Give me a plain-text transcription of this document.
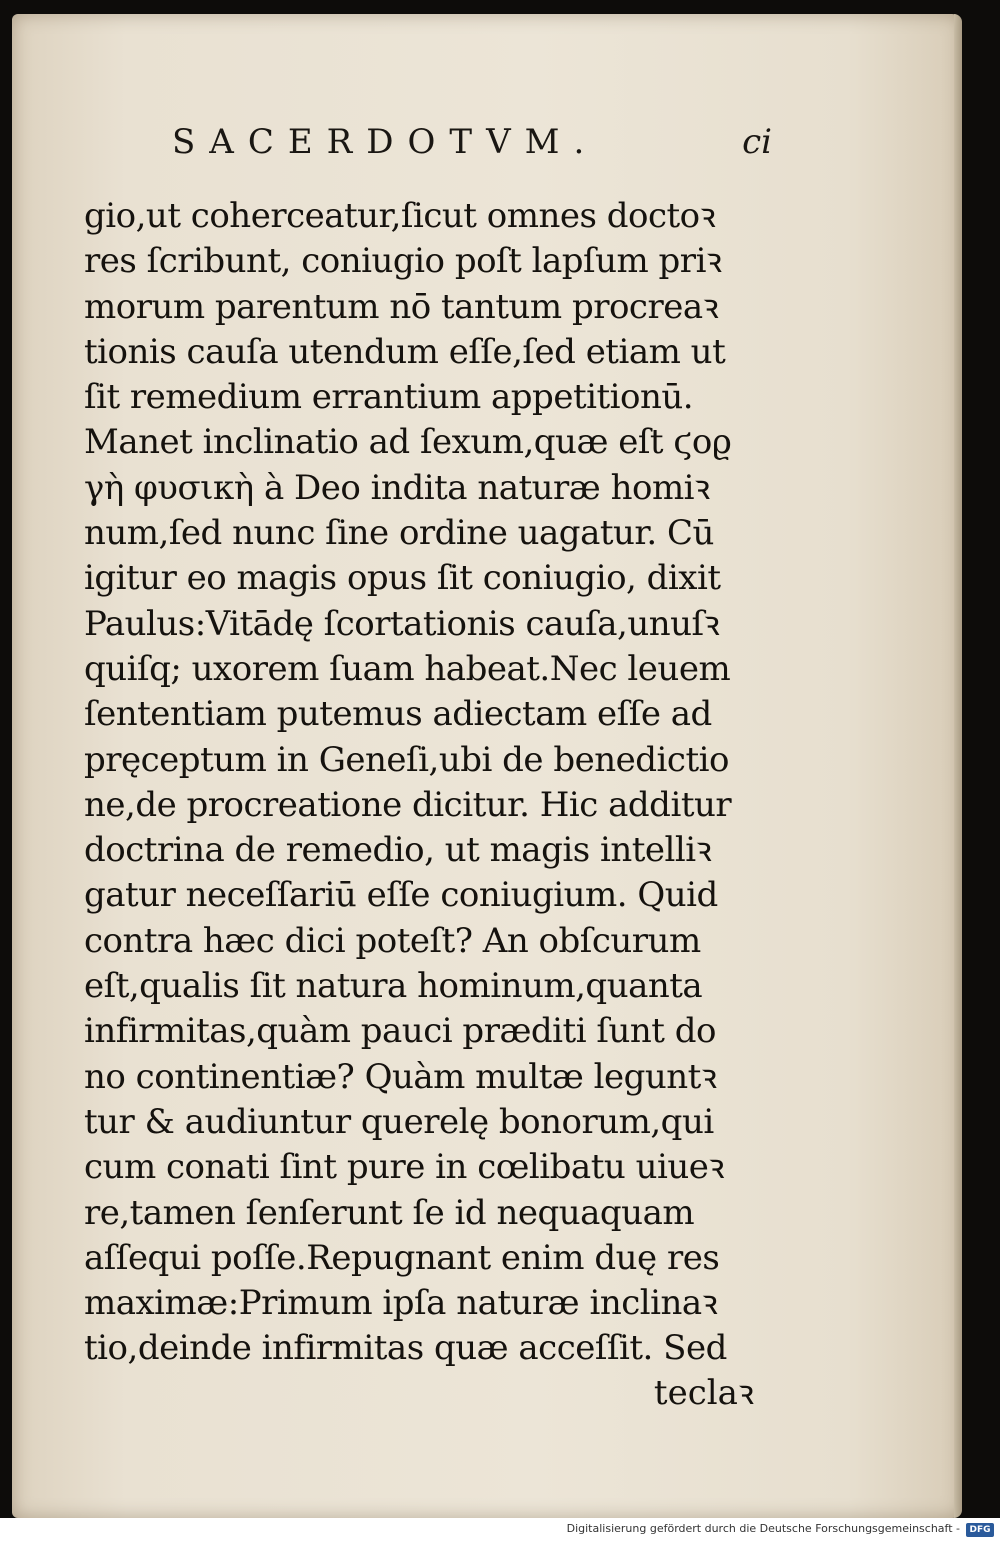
SACERDOTVM.	ci
gio,ut coherceatur,ſicut omnes doctoꝛ
res ſcribunt, coniugio poſt lapſum priꝛ
morum parentum nō tantum procreaꝛ
tionis cauſa utendum eſſe,ſed etiam ut
ſit remedium errantium appetitionū.
Manet inclinatio ad ſexum,quæ eſt ϛοϱ
γὴ φυσικὴ à Deo indita naturæ homiꝛ
num,ſed nunc ſine ordine uagatur. Cū
igitur eo magis opus ſit coniugio, dixit
Paulus:Vitādę ſcortationis cauſa,unuſꝛ
quiſq; uxorem ſuam habeat.Nec leuem
ſententiam putemus adiectam eſſe ad
pręceptum in Geneſi,ubi de benedictio
ne,de procreatione dicitur. Hic additur
doctrina de remedio, ut magis intelliꝛ
gatur neceſſariū eſſe coniugium. Quid
contra hæc dici poteſt? An obſcurum
eſt,qualis ſit natura hominum,quanta
infirmitas,quàm pauci præditi ſunt do
no continentiæ? Quàm multæ leguntꝛ
tur & audiuntur querelę bonorum,qui
cum conati ſint pure in cœlibatu uiueꝛ
re,tamen ſenſerunt ſe id nequaquam
aſſequi poſſe.Repugnant enim duę res
maximæ:Primum ipſa naturæ inclinaꝛ
tio,deinde infirmitas quæ acceſſit. Sed
teclaꝛ
Digitalisierung gefördert durch die Deutsche Forschungsgemeinschaft -	DFG
